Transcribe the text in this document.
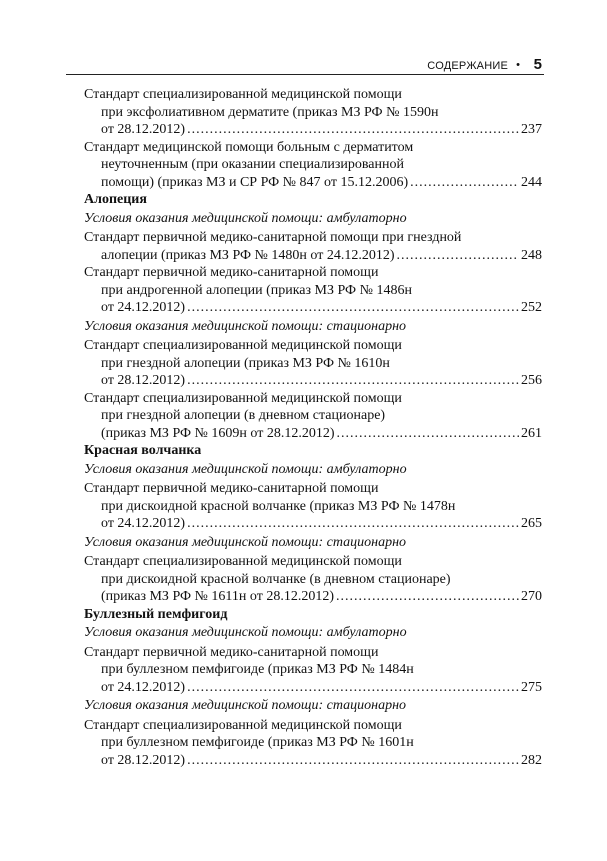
СОДЕРЖАНИЕ • 5
Стандарт специализированной медицинской помощи
при эксфолиативном дерматите (приказ МЗ РФ № 1590н
от 28.12.2012) .....	237
Стандарт медицинской помощи больным с дерматитом
неуточненным (при оказании специализированной
помощи) (приказ МЗ и СР РФ № 847 от 15.12.2006) .....	244
Алопеция
Условия оказания медицинской помощи: амбулаторно
Стандарт первичной медико-санитарной помощи при гнездной
алопеции (приказ МЗ РФ № 1480н от 24.12.2012) .....	248
Стандарт первичной медико-санитарной помощи
при андрогенной алопеции (приказ МЗ РФ № 1486н
от 24.12.2012) .....	252
Условия оказания медицинской помощи: стационарно
Стандарт специализированной медицинской помощи
при гнездной алопеции (приказ МЗ РФ № 1610н
от 28.12.2012) .....	256
Стандарт специализированной медицинской помощи
при гнездной алопеции (в дневном стационаре)
(приказ МЗ РФ № 1609н от 28.12.2012) .....	261
Красная волчанка
Условия оказания медицинской помощи: амбулаторно
Стандарт первичной медико-санитарной помощи
при дискоидной красной волчанке (приказ МЗ РФ № 1478н
от 24.12.2012) .....	265
Условия оказания медицинской помощи: стационарно
Стандарт специализированной медицинской помощи
при дискоидной красной волчанке (в дневном стационаре)
(приказ МЗ РФ № 1611н от 28.12.2012) .....	270
Буллезный пемфигоид
Условия оказания медицинской помощи: амбулаторно
Стандарт первичной медико-санитарной помощи
при буллезном пемфигоиде (приказ МЗ РФ № 1484н
от 24.12.2012) .....	275
Условия оказания медицинской помощи: стационарно
Стандарт специализированной медицинской помощи
при буллезном пемфигоиде (приказ МЗ РФ № 1601н
от 28.12.2012) .....	282
